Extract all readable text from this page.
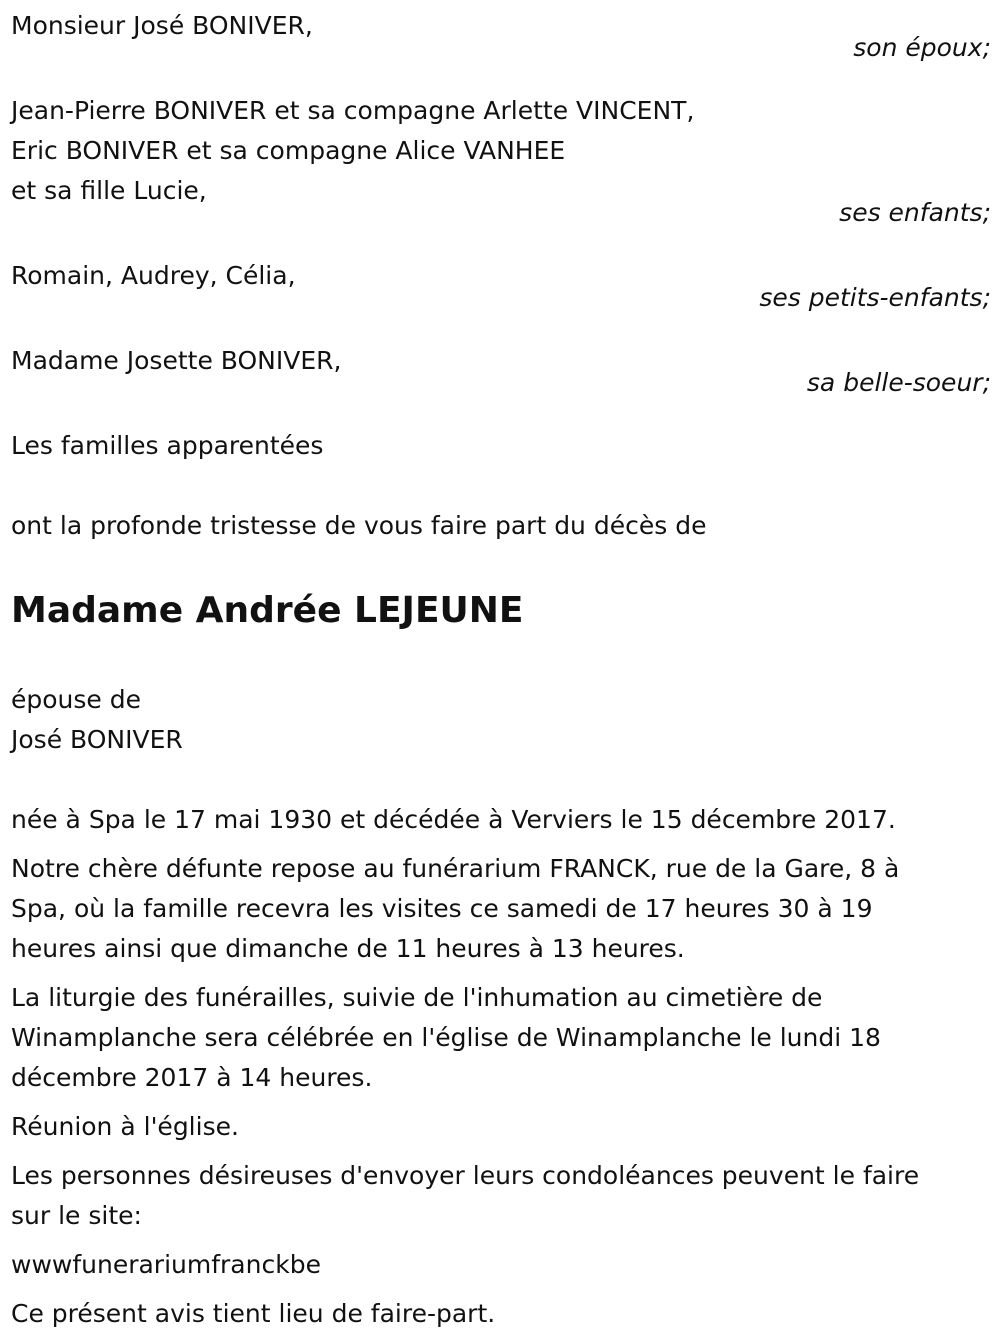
Monsieur José BONIVER,

son époux;

Jean-Pierre BONIVER et sa compagne Arlette VINCENT,

Eric BONIVER et sa compagne Alice VANHEE

et sa fille Lucie,

ses enfants;

Romain, Audrey, Célia,

ses petits-enfants;

Madame Josette BONIVER,

sa belle-soeur;

Les familles apparentées

ont la profonde tristesse de vous faire part du décès de

Madame Andrée LEJEUNE

épouse de

José BONIVER

née à Spa le 17 mai 1930 et décédée à Verviers le 15 décembre 2017.

Notre chère défunte repose au funérarium FRANCK, rue de la Gare, 8 à

Spa, où la famille recevra les visites ce samedi de 17 heures 30 à 19

heures ainsi que dimanche de 11 heures à 13 heures.

La liturgie des funérailles, suivie de l'inhumation au cimetière de

Winamplanche sera célébrée en l'église de Winamplanche le lundi 18

décembre 2017 à 14 heures.

Réunion à l'église.

Les personnes désireuses d'envoyer leurs condoléances peuvent le faire

sur le site:

wwwfunerariumfranckbe

Ce présent avis tient lieu de faire-part.
